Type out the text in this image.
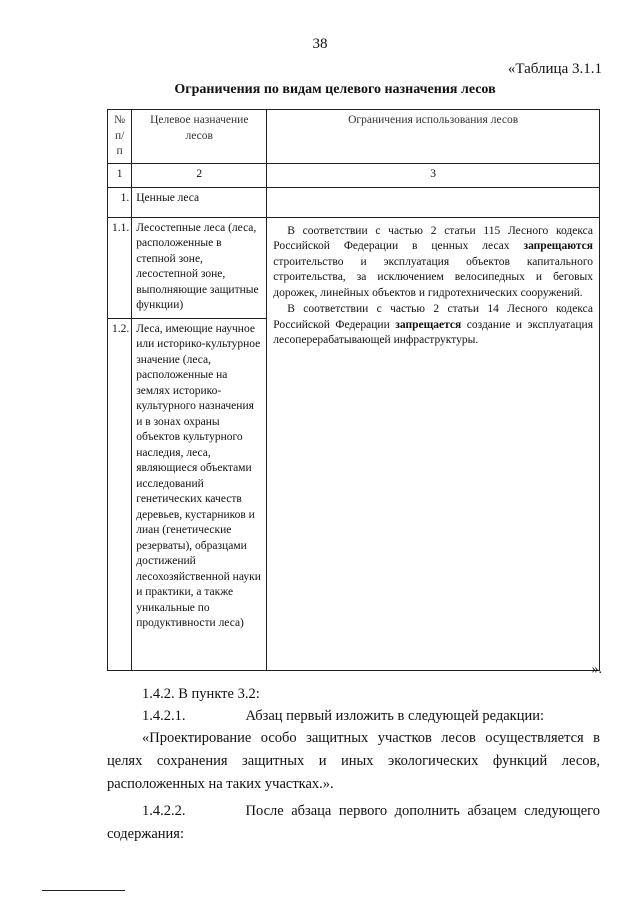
38
«Таблица 3.1.1
Ограничения по видам целевого назначения лесов
№ п/п	Целевое назначение лесов	Ограничения использования лесов
1	2	3
1.	Ценные леса	
1.1.	Лесостепные леса (леса, расположенные в степной зоне, лесостепной зоне, выполняющие защитные функции)	В соответствии с частью 2 статьи 115 Лесного кодекса Российской Федерации в ценных лесах запрещаются строительство и эксплуатация объектов капитального строительства, за исключением велосипедных и беговых дорожек, линейных объектов и гидротехнических сооружений.

В соответствии с частью 2 статьи 14 Лесного кодекса Российской Федерации запрещается создание и эксплуатация лесоперерабатывающей инфраструктуры.

1.2.	Леса, имеющие научное или историко-культурное значение (леса, расположенные на землях историко-культурного назначения и в зонах охраны объектов культурного наследия, леса, являющиеся объектами исследований генетических качеств деревьев, кустарников и лиан (генетические резерваты), образцами достижений лесохозяйственной науки и практики, а также уникальные по продуктивности леса)	
».
1.4.2. В пункте 3.2:
1.4.2.1.	Абзац первый изложить в следующей редакции:
«Проектирование особо защитных участков лесов осуществляется в целях сохранения защитных и иных экологических функций лесов, расположенных на таких участках.».
1.4.2.2.	После абзаца первого дополнить абзацем следующего содержания:
